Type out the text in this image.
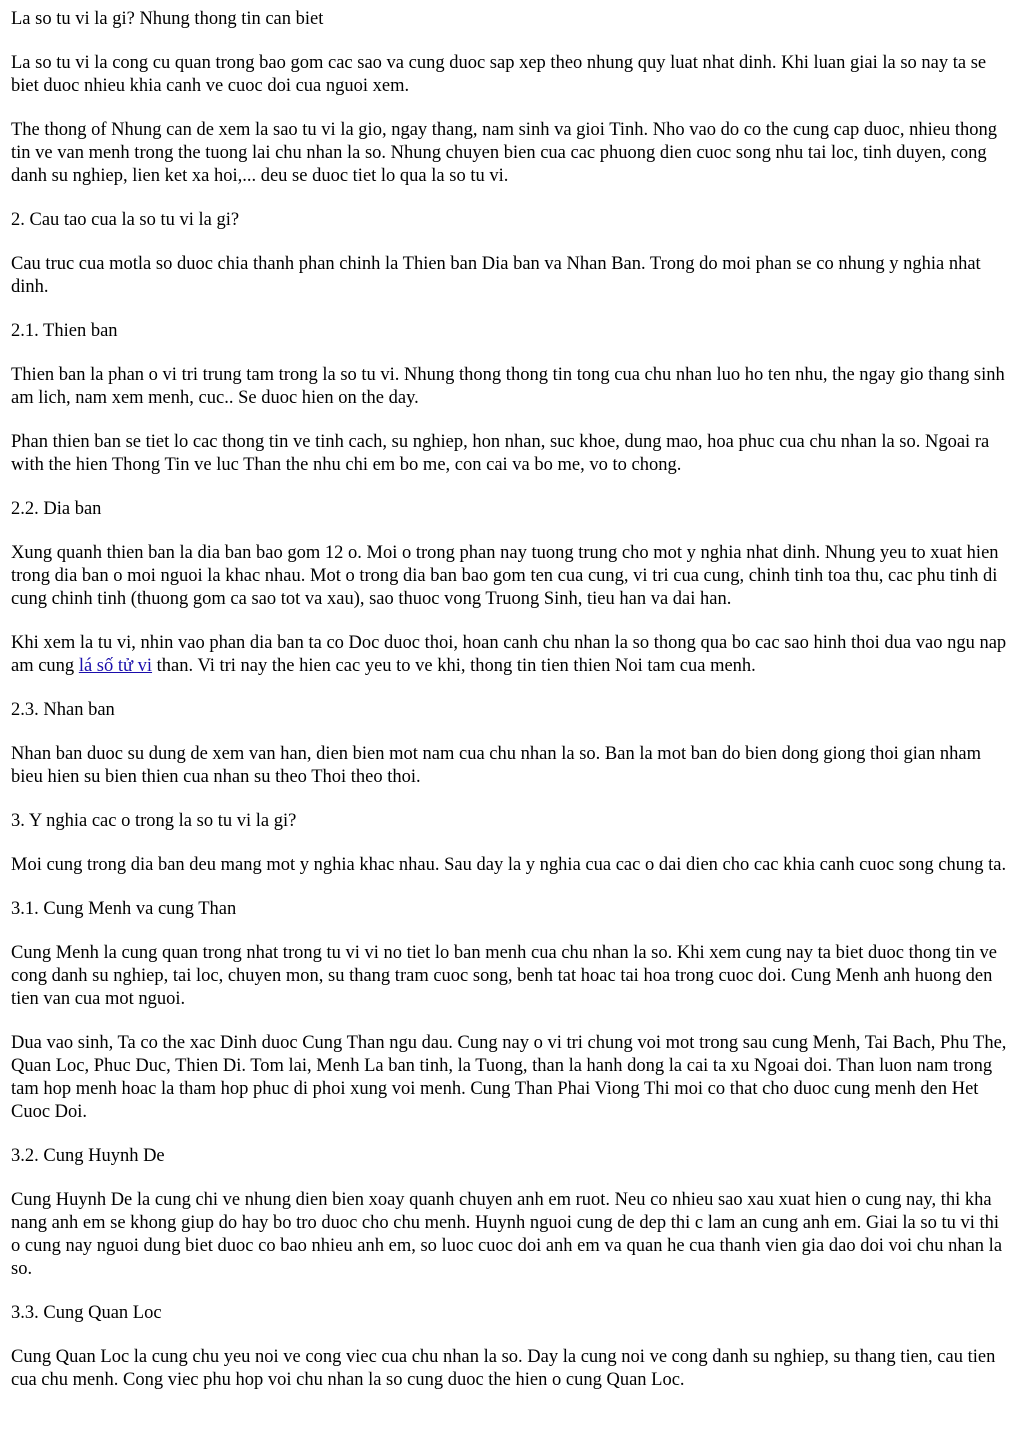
La so tu vi la gi? Nhung thong tin can biet

La so tu vi la cong cu quan trong bao gom cac sao va cung duoc sap xep theo nhung quy luat nhat dinh. Khi luan giai la so nay ta se biet duoc nhieu khia canh ve cuoc doi cua nguoi xem.

The thong of Nhung can de xem la sao tu vi la gio, ngay thang, nam sinh va gioi Tinh. Nho vao do co the cung cap duoc, nhieu thong tin ve van menh trong the tuong lai chu nhan la so. Nhung chuyen bien cua cac phuong dien cuoc song nhu tai loc, tinh duyen, cong danh su nghiep, lien ket xa hoi,... deu se duoc tiet lo qua la so tu vi.

2. Cau tao cua la so tu vi la gi?

Cau truc cua motla so duoc chia thanh phan chinh la Thien ban Dia ban va Nhan Ban. Trong do moi phan se co nhung y nghia nhat dinh.

2.1. Thien ban

Thien ban la phan o vi tri trung tam trong la so tu vi. Nhung thong thong tin tong cua chu nhan luo ho ten nhu, the ngay gio thang sinh am lich, nam xem menh, cuc.. Se duoc hien on the day.

Phan thien ban se tiet lo cac thong tin ve tinh cach, su nghiep, hon nhan, suc khoe, dung mao, hoa phuc cua chu nhan la so. Ngoai ra with the hien Thong Tin ve luc Than the nhu chi em bo me, con cai va bo me, vo to chong.

2.2. Dia ban

Xung quanh thien ban la dia ban bao gom 12 o. Moi o trong phan nay tuong trung cho mot y nghia nhat dinh. Nhung yeu to xuat hien trong dia ban o moi nguoi la khac nhau. Mot o trong dia ban bao gom ten cua cung, vi tri cua cung, chinh tinh toa thu, cac phu tinh di cung chinh tinh (thuong gom ca sao tot va xau), sao thuoc vong Truong Sinh, tieu han va dai han.

Khi xem la tu vi, nhin vao phan dia ban ta co Doc duoc thoi, hoan canh chu nhan la so thong qua bo cac sao hinh thoi dua vao ngu nap am cung lá số tử vi than. Vi tri nay the hien cac yeu to ve khi, thong tin tien thien Noi tam cua menh.

2.3. Nhan ban

Nhan ban duoc su dung de xem van han, dien bien mot nam cua chu nhan la so. Ban la mot ban do bien dong giong thoi gian nham bieu hien su bien thien cua nhan su theo Thoi theo thoi.

3. Y nghia cac o trong la so tu vi la gi?

Moi cung trong dia ban deu mang mot y nghia khac nhau. Sau day la y nghia cua cac o dai dien cho cac khia canh cuoc song chung ta.

3.1. Cung Menh va cung Than

Cung Menh la cung quan trong nhat trong tu vi vi no tiet lo ban menh cua chu nhan la so. Khi xem cung nay ta biet duoc thong tin ve cong danh su nghiep, tai loc, chuyen mon, su thang tram cuoc song, benh tat hoac tai hoa trong cuoc doi. Cung Menh anh huong den tien van cua mot nguoi.

Dua vao sinh, Ta co the xac Dinh duoc Cung Than ngu dau. Cung nay o vi tri chung voi mot trong sau cung Menh, Tai Bach, Phu The, Quan Loc, Phuc Duc, Thien Di. Tom lai, Menh La ban tinh, la Tuong, than la hanh dong la cai ta xu Ngoai doi. Than luon nam trong tam hop menh hoac la tham hop phuc di phoi xung voi menh. Cung Than Phai Viong Thi moi co that cho duoc cung menh den Het Cuoc Doi.

3.2. Cung Huynh De

Cung Huynh De la cung chi ve nhung dien bien xoay quanh chuyen anh em ruot. Neu co nhieu sao xau xuat hien o cung nay, thi kha nang anh em se khong giup do hay bo tro duoc cho chu menh. Huynh nguoi cung de dep thi c lam an cung anh em. Giai la so tu vi thi o cung nay nguoi dung biet duoc co bao nhieu anh em, so luoc cuoc doi anh em va quan he cua thanh vien gia dao doi voi chu nhan la so.

3.3. Cung Quan Loc

Cung Quan Loc la cung chu yeu noi ve cong viec cua chu nhan la so. Day la cung noi ve cong danh su nghiep, su thang tien, cau tien cua chu menh. Cong viec phu hop voi chu nhan la so cung duoc the hien o cung Quan Loc.
